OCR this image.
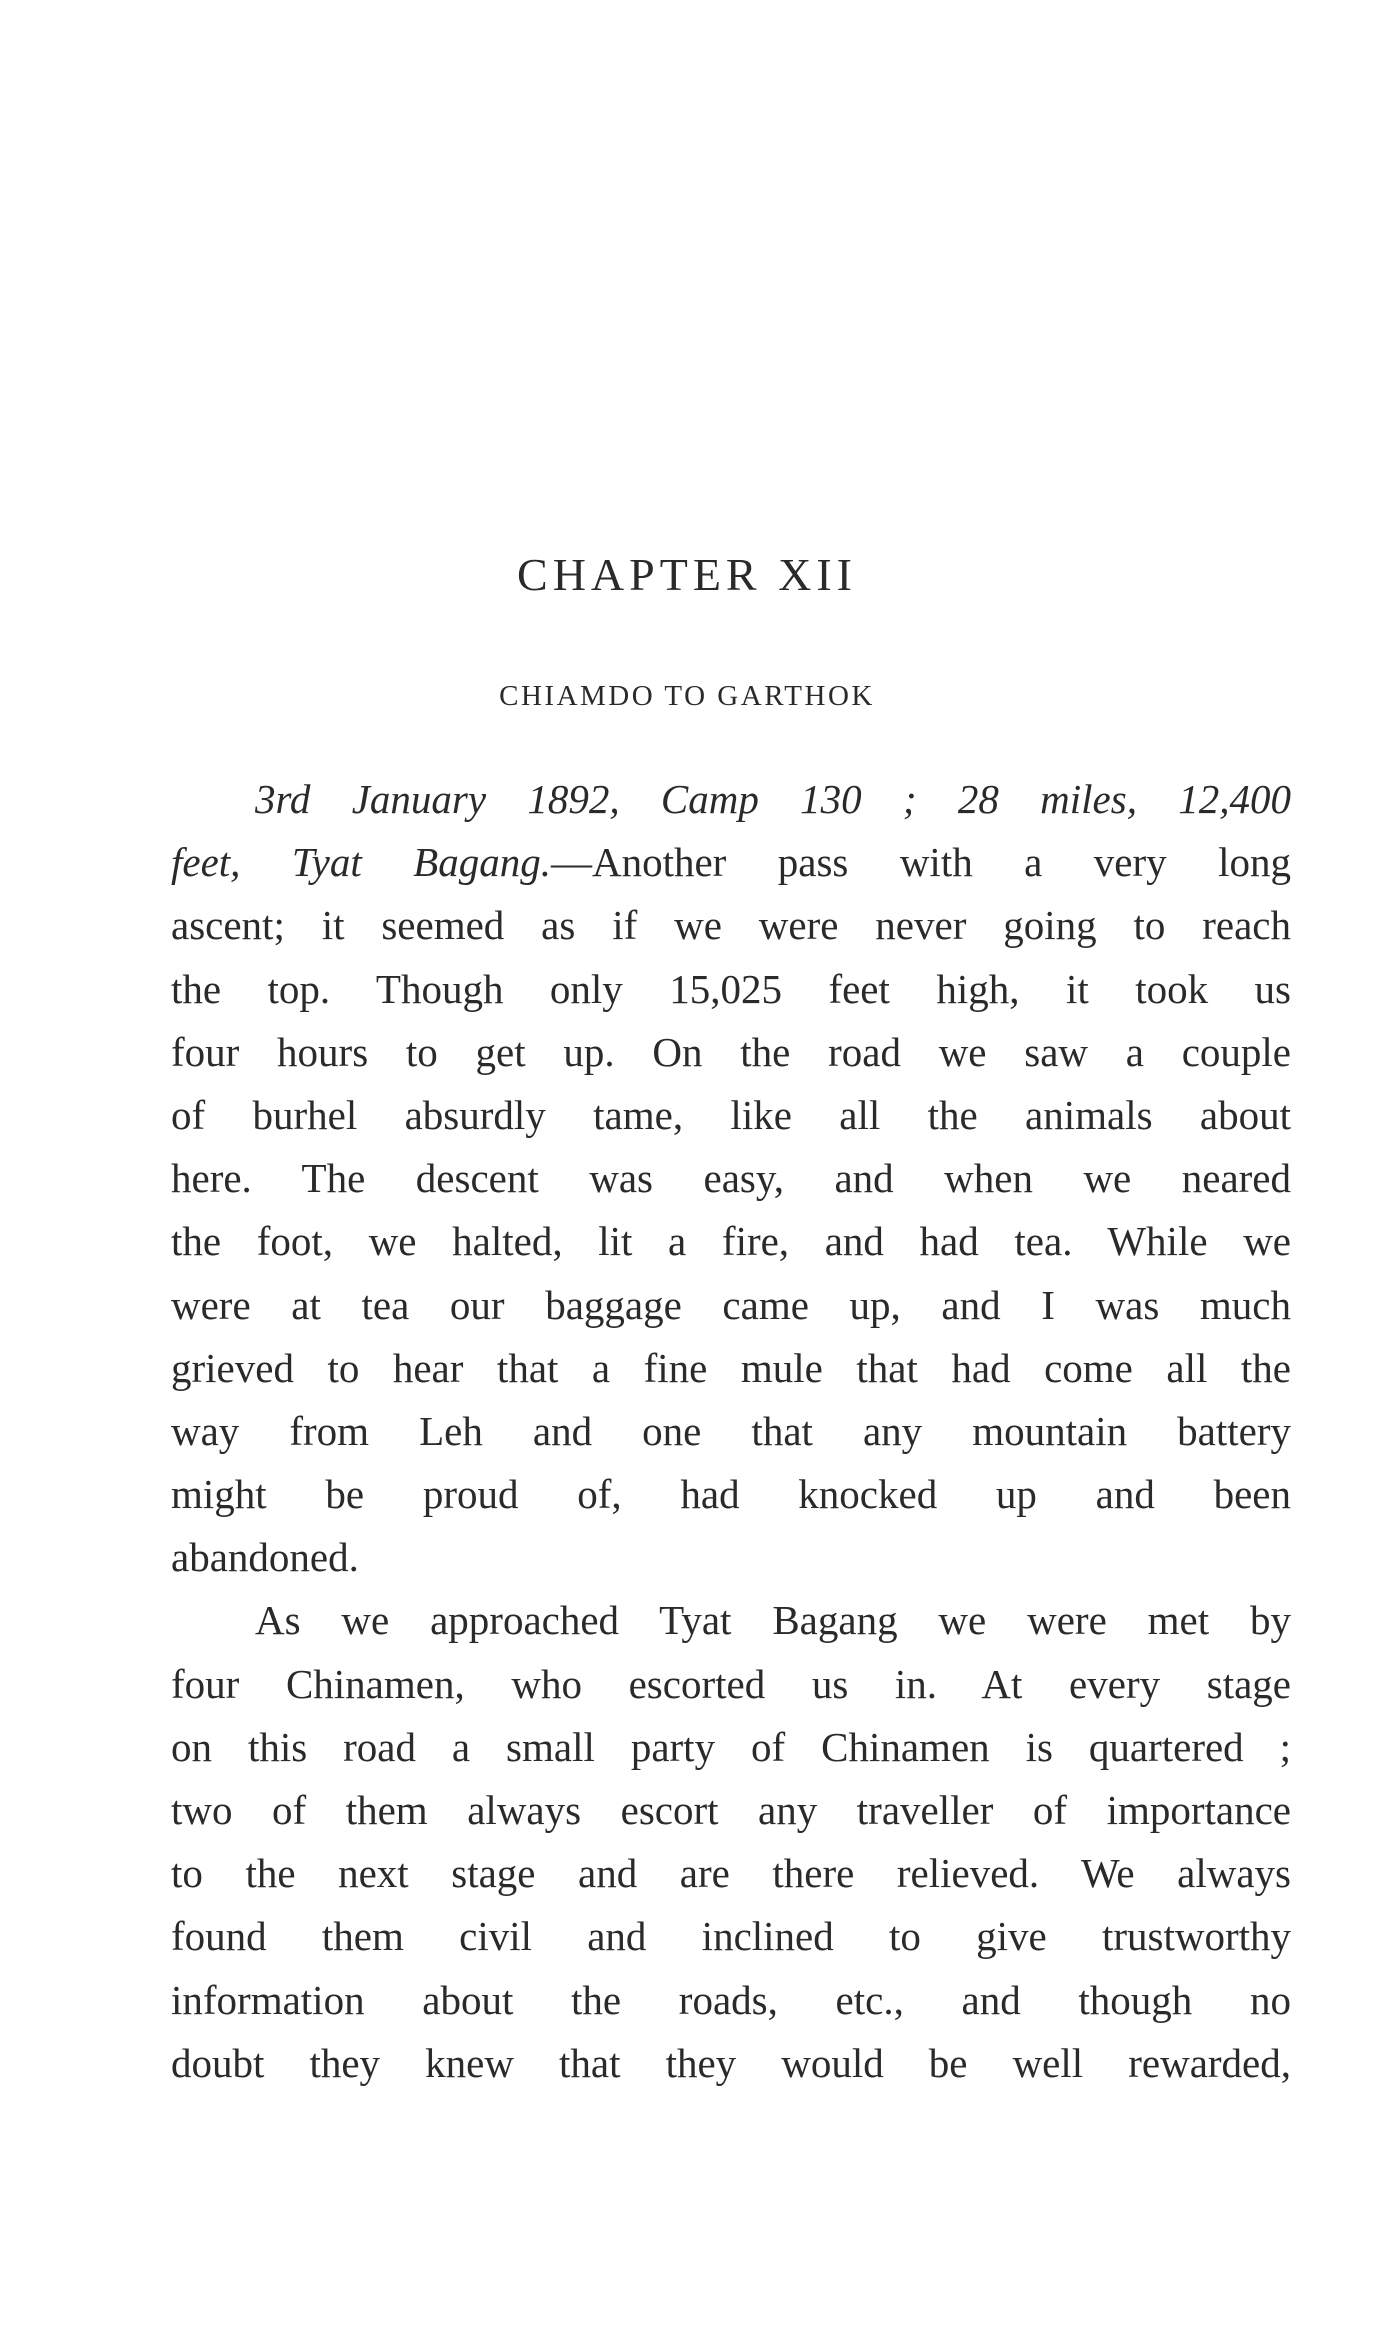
CHAPTER XII
CHIAMDO TO GARTHOK
3rd January 1892, Camp 130 ; 28 miles, 12,400
feet, Tyat Bagang.—Another pass with a very long
ascent; it seemed as if we were never going to reach
the top. Though only 15,025 feet high, it took us
four hours to get up. On the road we saw a couple
of burhel absurdly tame, like all the animals about
here. The descent was easy, and when we neared
the foot, we halted, lit a fire, and had tea. While we
were at tea our baggage came up, and I was much
grieved to hear that a fine mule that had come all the
way from Leh and one that any mountain battery
might be proud of, had knocked up and been
abandoned.
As we approached Tyat Bagang we were met by
four Chinamen, who escorted us in. At every stage
on this road a small party of Chinamen is quartered ;
two of them always escort any traveller of importance
to the next stage and are there relieved. We always
found them civil and inclined to give trustworthy
information about the roads, etc., and though no
doubt they knew that they would be well rewarded,
